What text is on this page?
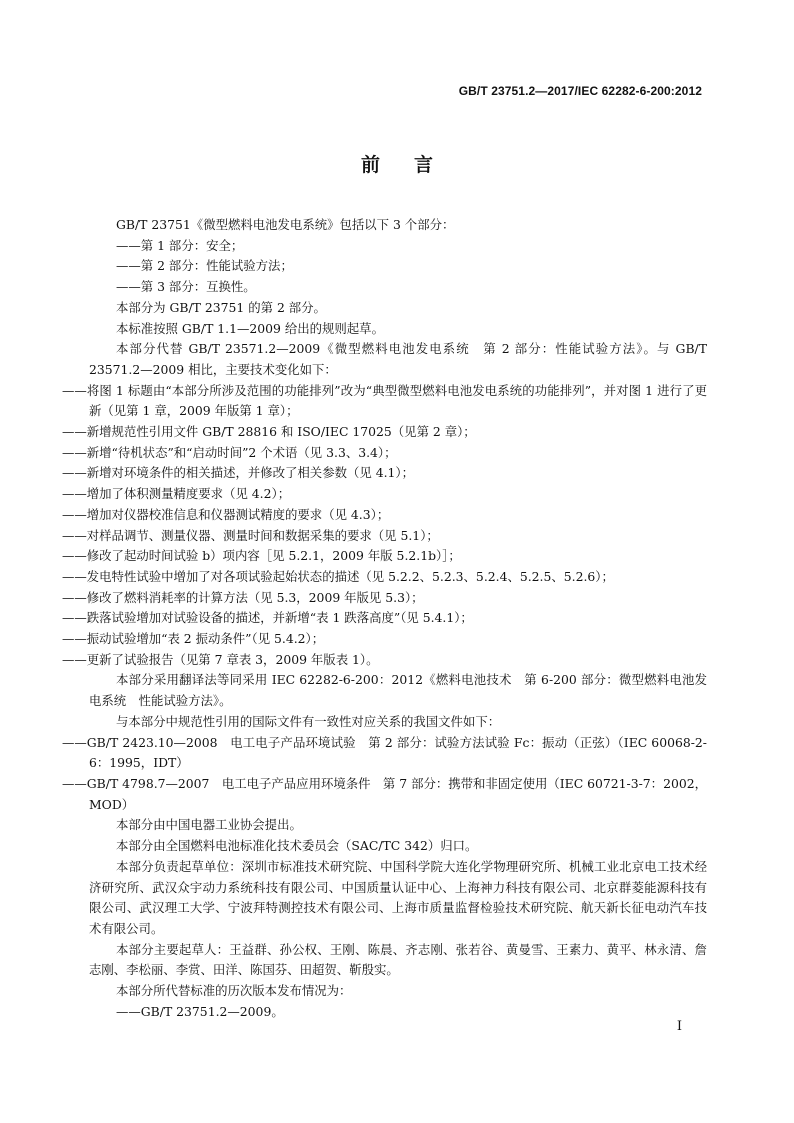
GB/T 23751.2—2017/IEC 62282-6-200:2012
前言

GB/T 23751《微型燃料电池发电系统》包括以下 3 个部分：

——第 1 部分：安全；

——第 2 部分：性能试验方法；

——第 3 部分：互换性。

本部分为 GB/T 23751 的第 2 部分。

本标准按照 GB/T 1.1—2009 给出的规则起草。

本部分代替 GB/T 23571.2—2009《微型燃料电池发电系统　第 2 部分：性能试验方法》。与 GB/T 23571.2—2009 相比，主要技术变化如下：

——将图 1 标题由“本部分所涉及范围的功能排列”改为“典型微型燃料电池发电系统的功能排列”，并对图 1 进行了更新（见第 1 章，2009 年版第 1 章）；

——新增规范性引用文件 GB/T 28816 和 ISO/IEC 17025（见第 2 章）；

——新增“待机状态”和“启动时间”2 个术语（见 3.3、3.4）；

——新增对环境条件的相关描述，并修改了相关参数（见 4.1）；

——增加了体积测量精度要求（见 4.2）；

——增加对仪器校准信息和仪器测试精度的要求（见 4.3）；

——对样品调节、测量仪器、测量时间和数据采集的要求（见 5.1）；

——修改了起动时间试验 b）项内容［见 5.2.1，2009 年版 5.2.1b）］；

——发电特性试验中增加了对各项试验起始状态的描述（见 5.2.2、5.2.3、5.2.4、5.2.5、5.2.6）；

——修改了燃料消耗率的计算方法（见 5.3，2009 年版见 5.3）；

——跌落试验增加对试验设备的描述，并新增“表 1 跌落高度”（见 5.4.1）；

——振动试验增加“表 2 振动条件”（见 5.4.2）；

——更新了试验报告（见第 7 章表 3，2009 年版表 1）。

本部分采用翻译法等同采用 IEC 62282-6-200：2012《燃料电池技术　第 6-200 部分：微型燃料电池发电系统　性能试验方法》。

与本部分中规范性引用的国际文件有一致性对应关系的我国文件如下：

——GB/T 2423.10—2008　电工电子产品环境试验　第 2 部分：试验方法试验 Fc：振动（正弦）（IEC 60068-2-6：1995，IDT）

——GB/T 4798.7—2007　电工电子产品应用环境条件　第 7 部分：携带和非固定使用（IEC 60721-3-7：2002，MOD）

本部分由中国电器工业协会提出。

本部分由全国燃料电池标准化技术委员会（SAC/TC 342）归口。

本部分负责起草单位：深圳市标准技术研究院、中国科学院大连化学物理研究所、机械工业北京电工技术经济研究所、武汉众宇动力系统科技有限公司、中国质量认证中心、上海神力科技有限公司、北京群菱能源科技有限公司、武汉理工大学、宁波拜特测控技术有限公司、上海市质量监督检验技术研究院、航天新长征电动汽车技术有限公司。

本部分主要起草人：王益群、孙公权、王刚、陈晨、齐志刚、张若谷、黄曼雪、王素力、黄平、林永清、詹志刚、李松丽、李赏、田洋、陈国芬、田超贺、靳殷实。

本部分所代替标准的历次版本发布情况为：

——GB/T 23751.2—2009。

I
